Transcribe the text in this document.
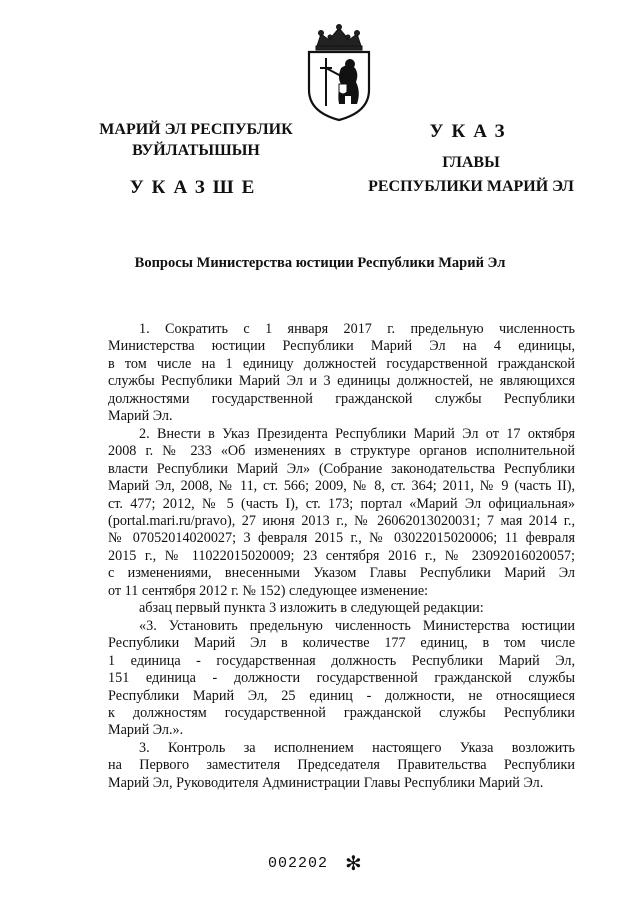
МАРИЙ ЭЛ РЕСПУБЛИК
ВУЙЛАТЫШЫН
УКАЗШЕ
УКАЗ
ГЛАВЫ
РЕСПУБЛИКИ МАРИЙ ЭЛ
Вопросы Министерства юстиции Республики Марий Эл

1. Сократить с 1 января 2017 г. предельную численность

Министерства юстиции Республики Марий Эл на 4 единицы,

в том числе на 1 единицу должностей государственной гражданской

службы Республики Марий Эл и 3 единицы должностей, не являющихся

должностями государственной гражданской службы Республики

Марий Эл.

2. Внести в Указ Президента Республики Марий Эл от 17 октября

2008 г. № 233 «Об изменениях в структуре органов исполнительной

власти Республики Марий Эл» (Собрание законодательства Республики

Марий Эл, 2008, № 11, ст. 566; 2009, № 8, ст. 364; 2011, № 9 (часть II),

ст. 477; 2012, № 5 (часть I), ст. 173; портал «Марий Эл официальная»

(portal.mari.ru/pravo), 27 июня 2013 г., № 26062013020031; 7 мая 2014 г.,

№ 07052014020027; 3 февраля 2015 г., № 03022015020006; 11 февраля

2015 г., № 11022015020009; 23 сентября 2016 г., № 23092016020057;

с изменениями, внесенными Указом Главы Республики Марий Эл

от 11 сентября 2012 г. № 152) следующее изменение:

абзац первый пункта 3 изложить в следующей редакции:

«3. Установить предельную численность Министерства юстиции

Республики Марий Эл в количестве 177 единиц, в том числе

1 единица - государственная должность Республики Марий Эл,

151 единица - должности государственной гражданской службы

Республики Марий Эл, 25 единиц - должности, не относящиеся

к должностям государственной гражданской службы Республики

Марий Эл.».

3. Контроль за исполнением настоящего Указа возложить

на Первого заместителя Председателя Правительства Республики

Марий Эл, Руководителя Администрации Главы Республики Марий Эл.

002202 ✻
